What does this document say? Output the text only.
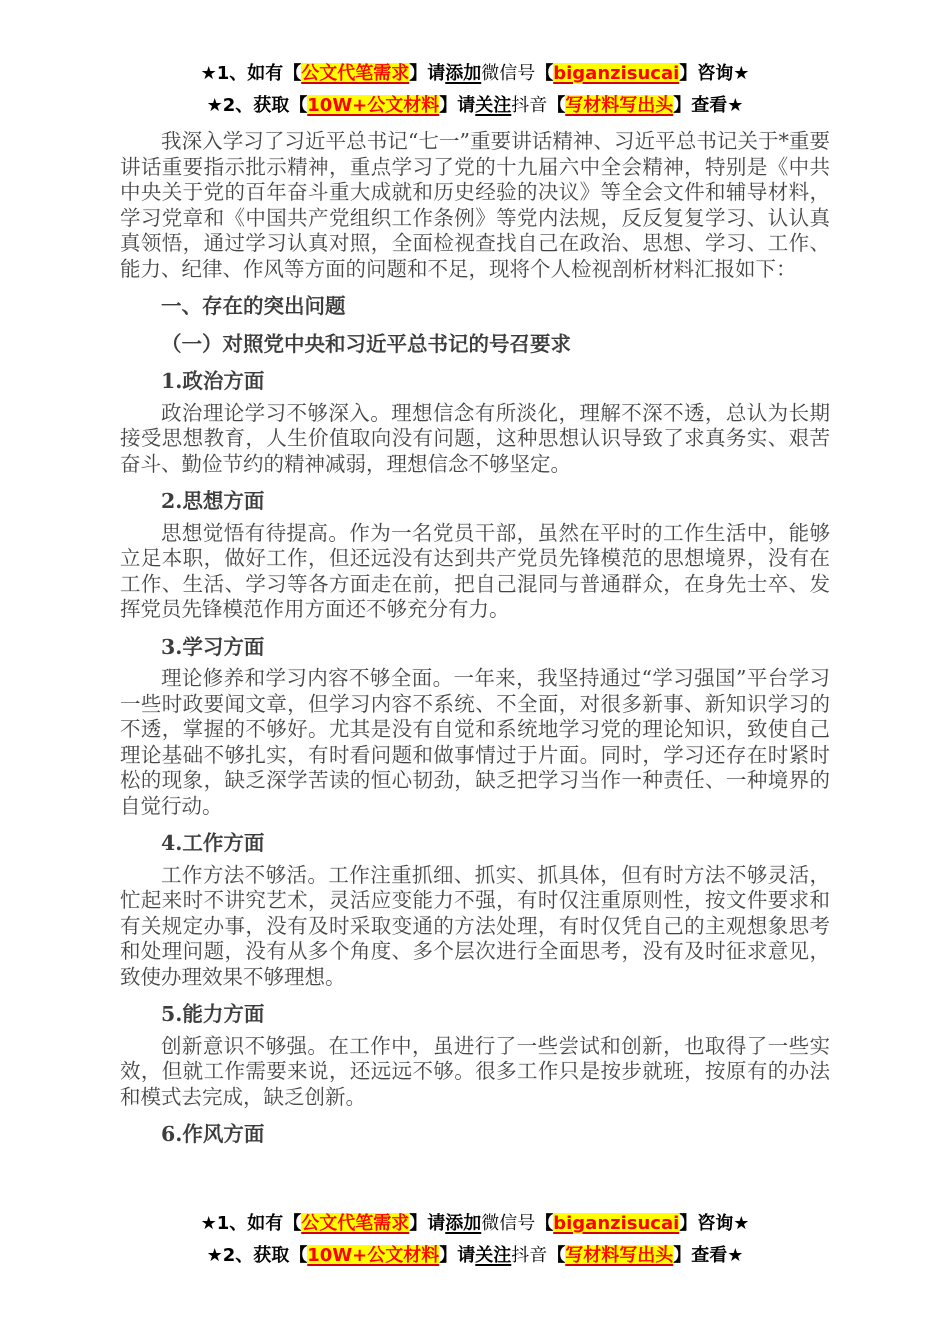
★1、如有【公文代笔需求】请添加微信号【biganzisucai】咨询★
★2、获取【10W+公文材料】请关注抖音【写材料写出头】查看★

我深入学习了习近平总书记“七一”重要讲话精神、习近平总书记关于*重要讲话重要指示批示精神，重点学习了党的十九届六中全会精神，特别是《中共中央关于党的百年奋斗重大成就和历史经验的决议》等全会文件和辅导材料，学习党章和《中国共产党组织工作条例》等党内法规，反反复复学习、认认真真领悟，通过学习认真对照，全面检视查找自己在政治、思想、学习、工作、能力、纪律、作风等方面的问题和不足，现将个人检视剖析材料汇报如下：

一、存在的突出问题

（一）对照党中央和习近平总书记的号召要求

1.政治方面

政治理论学习不够深入。理想信念有所淡化，理解不深不透，总认为长期接受思想教育，人生价值取向没有问题，这种思想认识导致了求真务实、艰苦奋斗、勤俭节约的精神减弱，理想信念不够坚定。

2.思想方面

思想觉悟有待提高。作为一名党员干部，虽然在平时的工作生活中，能够立足本职，做好工作，但还远没有达到共产党员先锋模范的思想境界，没有在工作、生活、学习等各方面走在前，把自己混同与普通群众，在身先士卒、发挥党员先锋模范作用方面还不够充分有力。

3.学习方面

理论修养和学习内容不够全面。一年来，我坚持通过“学习强国”平台学习一些时政要闻文章，但学习内容不系统、不全面，对很多新事、新知识学习的不透，掌握的不够好。尤其是没有自觉和系统地学习党的理论知识，致使自己理论基础不够扎实，有时看问题和做事情过于片面。同时，学习还存在时紧时松的现象，缺乏深学苦读的恒心韧劲，缺乏把学习当作一种责任、一种境界的自觉行动。

4.工作方面

工作方法不够活。工作注重抓细、抓实、抓具体，但有时方法不够灵活，忙起来时不讲究艺术，灵活应变能力不强，有时仅注重原则性，按文件要求和有关规定办事，没有及时采取变通的方法处理，有时仅凭自己的主观想象思考和处理问题，没有从多个角度、多个层次进行全面思考，没有及时征求意见，致使办理效果不够理想。

5.能力方面

创新意识不够强。在工作中，虽进行了一些尝试和创新，也取得了一些实效，但就工作需要来说，还远远不够。很多工作只是按步就班，按原有的办法和模式去完成，缺乏创新。

6.作风方面

★1、如有【公文代笔需求】请添加微信号【biganzisucai】咨询★
★2、获取【10W+公文材料】请关注抖音【写材料写出头】查看★
